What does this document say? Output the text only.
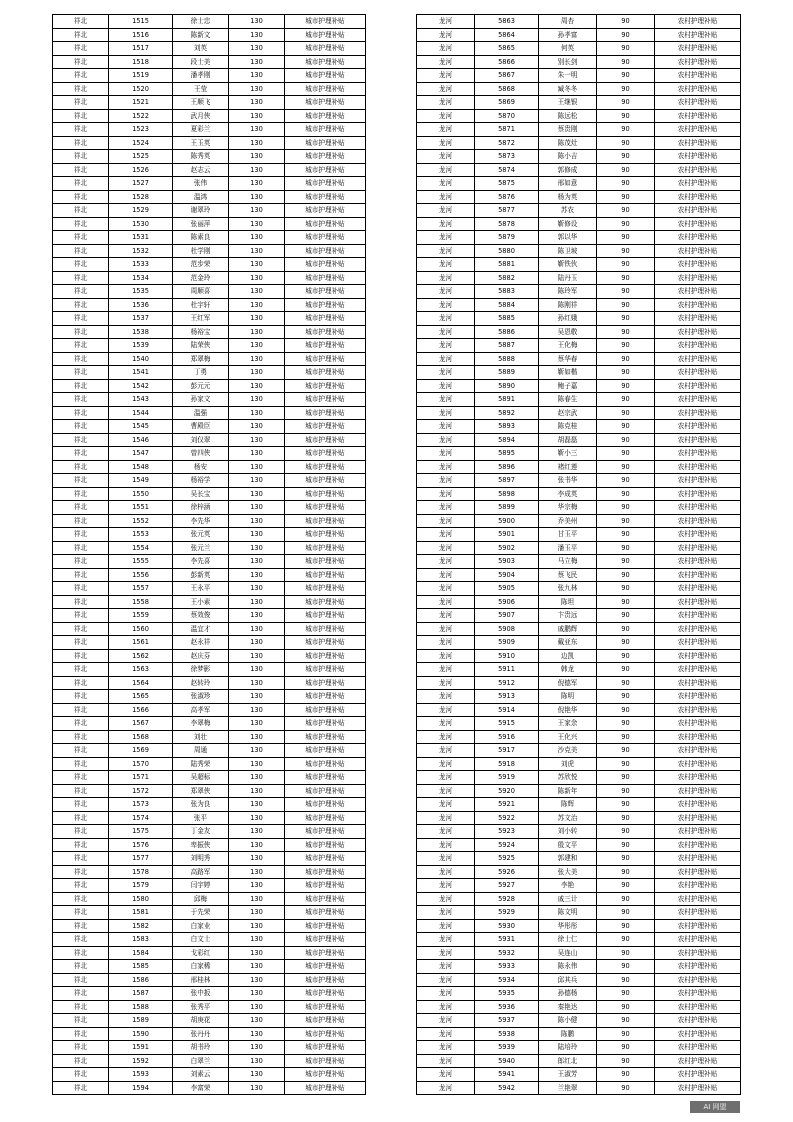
祥北	1515	徐士忠	130	城市护理补贴
祥北	1516	陈新文	130	城市护理补贴
祥北	1517	刘英	130	城市护理补贴
祥北	1518	段士美	130	城市护理补贴
祥北	1519	潘孝刚	130	城市护理补贴
祥北	1520	王莹	130	城市护理补贴
祥北	1521	王顺飞	130	城市护理补贴
祥北	1522	武月侠	130	城市护理补贴
祥北	1523	夏彩兰	130	城市护理补贴
祥北	1524	王玉英	130	城市护理补贴
祥北	1525	陈秀英	130	城市护理补贴
祥北	1526	赵志云	130	城市护理补贴
祥北	1527	张伟	130	城市护理补贴
祥北	1528	温鸿	130	城市护理补贴
祥北	1529	谢翠玲	130	城市护理补贴
祥北	1530	张丽萍	130	城市护理补贴
祥北	1531	陈素良	130	城市护理补贴
祥北	1532	杜学刚	130	城市护理补贴
祥北	1533	范步荣	130	城市护理补贴
祥北	1534	范金玲	130	城市护理补贴
祥北	1535	周顺喜	130	城市护理补贴
祥北	1536	杜宇轩	130	城市护理补贴
祥北	1537	王红军	130	城市护理补贴
祥北	1538	杨裕宝	130	城市护理补贴
祥北	1539	陆荣侠	130	城市护理补贴
祥北	1540	郑翠梅	130	城市护理补贴
祥北	1541	丁勇	130	城市护理补贴
祥北	1542	彭元元	130	城市护理补贴
祥北	1543	孙家文	130	城市护理补贴
祥北	1544	温强	130	城市护理补贴
祥北	1545	曹殿臣	130	城市护理补贴
祥北	1546	刘仅翠	130	城市护理补贴
祥北	1547	曾四侠	130	城市护理补贴
祥北	1548	杨安	130	城市护理补贴
祥北	1549	杨裕学	130	城市护理补贴
祥北	1550	吴长宝	130	城市护理补贴
祥北	1551	徐梓涵	130	城市护理补贴
祥北	1552	李先华	130	城市护理补贴
祥北	1553	张元英	130	城市护理补贴
祥北	1554	张元兰	130	城市护理补贴
祥北	1555	李先喜	130	城市护理补贴
祥北	1556	彭新英	130	城市护理补贴
祥北	1557	王永平	130	城市护理补贴
祥北	1558	王小素	130	城市护理补贴
祥北	1559	蔡效俊	130	城市护理补贴
祥北	1560	温宜才	130	城市护理补贴
祥北	1561	赵永祥	130	城市护理补贴
祥北	1562	赵庆芬	130	城市护理补贴
祥北	1563	徐梦影	130	城市护理补贴
祥北	1564	赵转玲	130	城市护理补贴
祥北	1565	张淑珍	130	城市护理补贴
祥北	1566	高孝军	130	城市护理补贴
祥北	1567	李翠梅	130	城市护理补贴
祥北	1568	刘壮	130	城市护理补贴
祥北	1569	周通	130	城市护理补贴
祥北	1570	陆秀荣	130	城市护理补贴
祥北	1571	吴超标	130	城市护理补贴
祥北	1572	郑翠侠	130	城市护理补贴
祥北	1573	张为良	130	城市护理补贴
祥北	1574	张平	130	城市护理补贴
祥北	1575	丁金友	130	城市护理补贴
祥北	1576	卑振侠	130	城市护理补贴
祥北	1577	刘明秀	130	城市护理补贴
祥北	1578	高路军	130	城市护理补贴
祥北	1579	闫宇婷	130	城市护理补贴
祥北	1580	邱梅	130	城市护理补贴
祥北	1581	于先荣	130	城市护理补贴
祥北	1582	白家业	130	城市护理补贴
祥北	1583	白文士	130	城市护理补贴
祥北	1584	戈彩红	130	城市护理补贴
祥北	1585	白家稀	130	城市护理补贴
祥北	1586	邢桂林	130	城市护理补贴
祥北	1587	张中扳	130	城市护理补贴
祥北	1588	张秀平	130	城市护理补贴
祥北	1589	胡庚花	130	城市护理补贴
祥北	1590	张丹丹	130	城市护理补贴
祥北	1591	胡书玲	130	城市护理补贴
祥北	1592	白翠兰	130	城市护理补贴
祥北	1593	刘素云	130	城市护理补贴
祥北	1594	李富荣	130	城市护理补贴
龙河	5863	周杏	90	农村护理补贴
龙河	5864	孙孝富	90	农村护理补贴
龙河	5865	何英	90	农村护理补贴
龙河	5866	别长剑	90	农村护理补贴
龙河	5867	朱一明	90	农村护理补贴
龙河	5868	臧冬冬	90	农村护理补贴
龙河	5869	王继银	90	农村护理补贴
龙河	5870	陈远松	90	农村护理补贴
龙河	5871	蔡贵刚	90	农村护理补贴
龙河	5872	陈茂灶	90	农村护理补贴
龙河	5873	陈小吉	90	农村护理补贴
龙河	5874	郭修成	90	农村护理补贴
龙河	5875	邢如意	90	农村护理补贴
龙河	5876	杨为英	90	农村护理补贴
龙河	5877	苏农	90	农村护理补贴
龙河	5878	靳修设	90	农村护理补贴
龙河	5879	郭以华	90	农村护理补贴
龙河	5880	陈卫坡	90	农村护理补贴
龙河	5881	靳铁伙	90	农村护理补贴
龙河	5882	陆丹玉	90	农村护理补贴
龙河	5883	陈玲军	90	农村护理补贴
龙河	5884	陈刚祥	90	农村护理补贴
龙河	5885	孙红娥	90	农村护理补贴
龙河	5886	吴恩敬	90	农村护理补贴
龙河	5887	王化梅	90	农村护理补贴
龙河	5888	蔡华春	90	农村护理补贴
龙河	5889	靳如楷	90	农村护理补贴
龙河	5890	鲍子嘉	90	农村护理补贴
龙河	5891	陈春生	90	农村护理补贴
龙河	5892	赵宗武	90	农村护理补贴
龙河	5893	陈克桂	90	农村护理补贴
龙河	5894	胡磊磊	90	农村护理补贴
龙河	5895	靳小三	90	农村护理补贴
龙河	5896	褚红莲	90	农村护理补贴
龙河	5897	张书华	90	农村护理补贴
龙河	5898	李成英	90	农村护理补贴
龙河	5899	华宗梅	90	农村护理补贴
龙河	5900	乔美州	90	农村护理补贴
龙河	5901	甘玉平	90	农村护理补贴
龙河	5902	潘玉平	90	农村护理补贴
龙河	5903	马立梅	90	农村护理补贴
龙河	5904	蔡飞民	90	农村护理补贴
龙河	5905	张九林	90	农村护理补贴
龙河	5906	陈坦	90	农村护理补贴
龙河	5907	卞贵远	90	农村护理补贴
龙河	5908	戚鹏辉	90	农村护理补贴
龙河	5909	戴亚东	90	农村护理补贴
龙河	5910	边凯	90	农村护理补贴
龙河	5911	韩龙	90	农村护理补贴
龙河	5912	倪德军	90	农村护理补贴
龙河	5913	陈明	90	农村护理补贴
龙河	5914	倪艳华	90	农村护理补贴
龙河	5915	王家余	90	农村护理补贴
龙河	5916	王化兴	90	农村护理补贴
龙河	5917	沙克美	90	农村护理补贴
龙河	5918	刘虎	90	农村护理补贴
龙河	5919	苏欣悦	90	农村护理补贴
龙河	5920	陈新年	90	农村护理补贴
龙河	5921	陈辉	90	农村护理补贴
龙河	5922	苏文治	90	农村护理补贴
龙河	5923	刘小转	90	农村护理补贴
龙河	5924	殷文平	90	农村护理补贴
龙河	5925	郭建和	90	农村护理补贴
龙河	5926	张大美	90	农村护理补贴
龙河	5927	李艳	90	农村护理补贴
龙河	5928	戚三计	90	农村护理补贴
龙河	5929	陈文明	90	农村护理补贴
龙河	5930	华彤彤	90	农村护理补贴
龙河	5931	徐士仁	90	农村护理补贴
龙河	5932	吴连山	90	农村护理补贴
龙河	5933	陈永伟	90	农村护理补贴
龙河	5934	邱其兵	90	农村护理补贴
龙河	5935	孙德杨	90	农村护理补贴
龙河	5936	秦艳达	90	农村护理补贴
龙河	5937	陈小健	90	农村护理补贴
龙河	5938	陈鹏	90	农村护理补贴
龙河	5939	陆培玲	90	农村护理补贴
龙河	5940	郎红北	90	农村护理补贴
龙河	5941	王淑芳	90	农村护理补贴
龙河	5942	兰艳翠	90	农村护理补贴
AI 网盟
